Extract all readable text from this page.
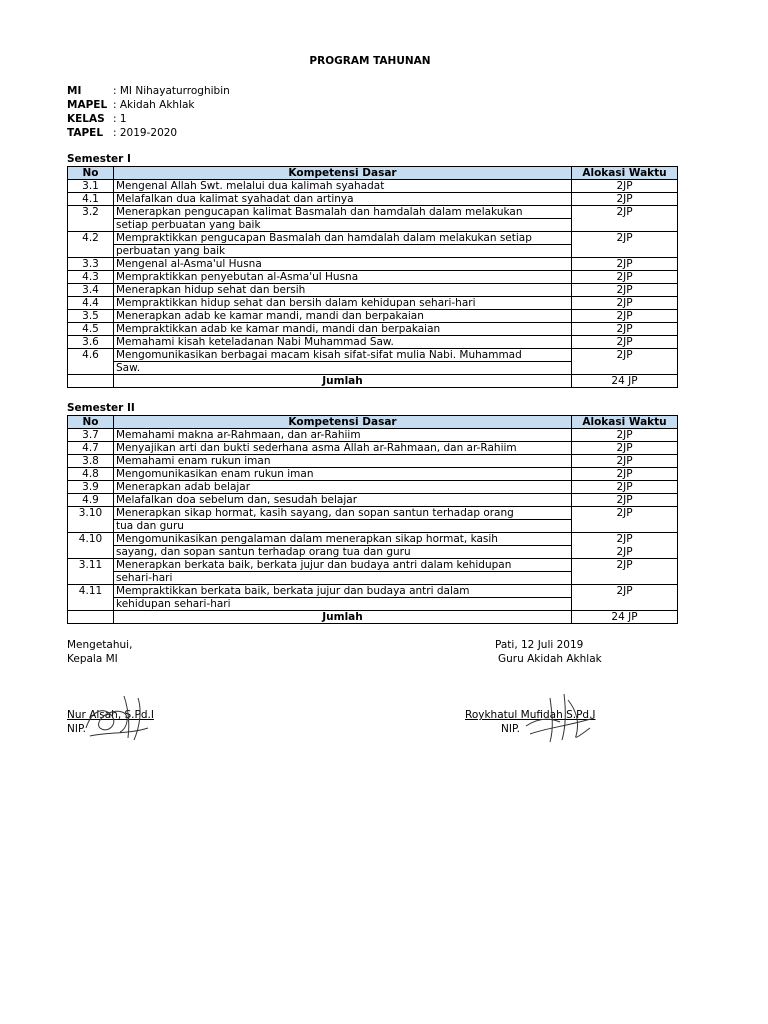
PROGRAM TAHUNAN
MI	: MI Nihayaturroghibin
MAPEL : Akidah Akhlak
KELAS : 1
TAPEL : 2019-2020
Semester I
No	Kompetensi Dasar	Alokasi Waktu
3.1	Mengenal Allah Swt. melalui dua kalimah syahadat	2JP
4.1	Melafalkan dua kalimat syahadat dan artinya	2JP
3.2	Menerapkan pengucapan kalimat Basmalah dan hamdalah dalam melakukan	2JP
	setiap perbuatan yang baik	
4.2	Mempraktikkan pengucapan Basmalah dan hamdalah dalam melakukan setiap	2JP
	perbuatan yang baik	
3.3	Mengenal al-Asma'ul Husna	2JP
4.3	Mempraktikkan penyebutan al-Asma'ul Husna	2JP
3.4	Menerapkan hidup sehat dan bersih	2JP
4.4	Mempraktikkan hidup sehat dan bersih dalam kehidupan sehari-hari	2JP
3.5	Menerapkan adab ke kamar mandi, mandi dan berpakaian	2JP
4.5	Mempraktikkan adab ke kamar mandi, mandi dan berpakaian	2JP
3.6	Memahami kisah keteladanan Nabi Muhammad Saw.	2JP
4.6	Mengomunikasikan berbagai macam kisah sifat-sifat mulia Nabi. Muhammad	2JP
	Saw.	
	Jumlah	24 JP
Semester II
No	Kompetensi Dasar	Alokasi Waktu
3.7	Memahami makna ar-Rahmaan, dan ar-Rahiim	2JP
4.7	Menyajikan arti dan bukti sederhana asma Allah ar-Rahmaan, dan ar-Rahiim	2JP
3.8	Memahami enam rukun iman	2JP
4.8	Mengomunikasikan enam rukun iman	2JP
3.9	Menerapkan adab belajar	2JP
4.9	Melafalkan doa sebelum dan, sesudah belajar	2JP
3.10	Menerapkan sikap hormat, kasih sayang, dan sopan santun terhadap orang	2JP
	tua dan guru	
4.10	Mengomunikasikan pengalaman dalam menerapkan sikap hormat, kasih	2JP
	sayang, dan sopan santun terhadap orang tua dan guru	2JP
3.11	Menerapkan berkata baik, berkata jujur dan budaya antri dalam kehidupan	2JP
	sehari-hari	
4.11	Mempraktikkan berkata baik, berkata jujur dan budaya antri dalam	2JP
	kehidupan sehari-hari	
	Jumlah	24 JP
Mengetahui,
Kepala MI
Nur Aisah, S.Pd.I
NIP.
Pati, 12 Juli 2019
Guru Akidah Akhlak
Roykhatul Mufidah S.Pd.I
NIP.
